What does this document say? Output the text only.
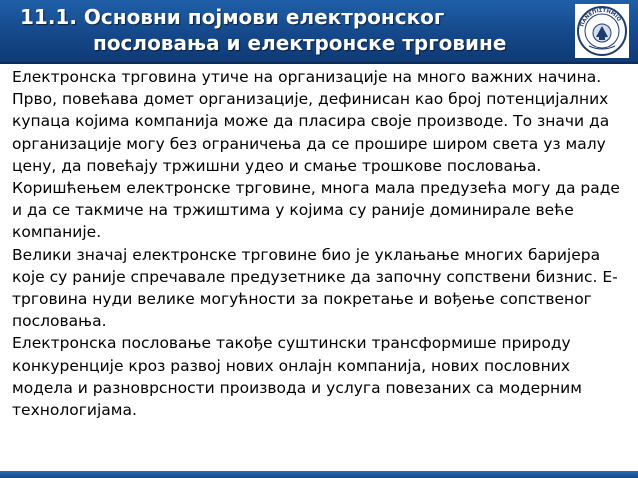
11.1. Основни појмови електронског
пословања и електронске трговине
ΠΑΝΕΠΙΣΤΗΜΙΟ

Електронска трговина утиче на организације на много важних начина.

Прво, повећава домет организације, дефинисан као број потенцијалних купаца којима компанија може да пласира своје производе. То значи да организације могу без ограничења да се прошире широм света уз малу цену, да повећају тржишни удео и смање трошкове пословања. Коришћењем електронске трговине, многа мала предузећа могу да раде и да се такмиче на тржиштима у којима су раније доминирале веће компаније.

Велики значај електронске трговине био је уклањање многих баријера које су раније спречавале предузетнике да започну сопствени бизнис. Е-трговина нуди велике могућности за покретање и вођење сопственог пословања.

Електронска пословање такође суштински трансформише природу конкуренције кроз развој нових онлајн компанија, нових пословних модела и разноврсности производа и услуга повезаних са модерним технологијама.
